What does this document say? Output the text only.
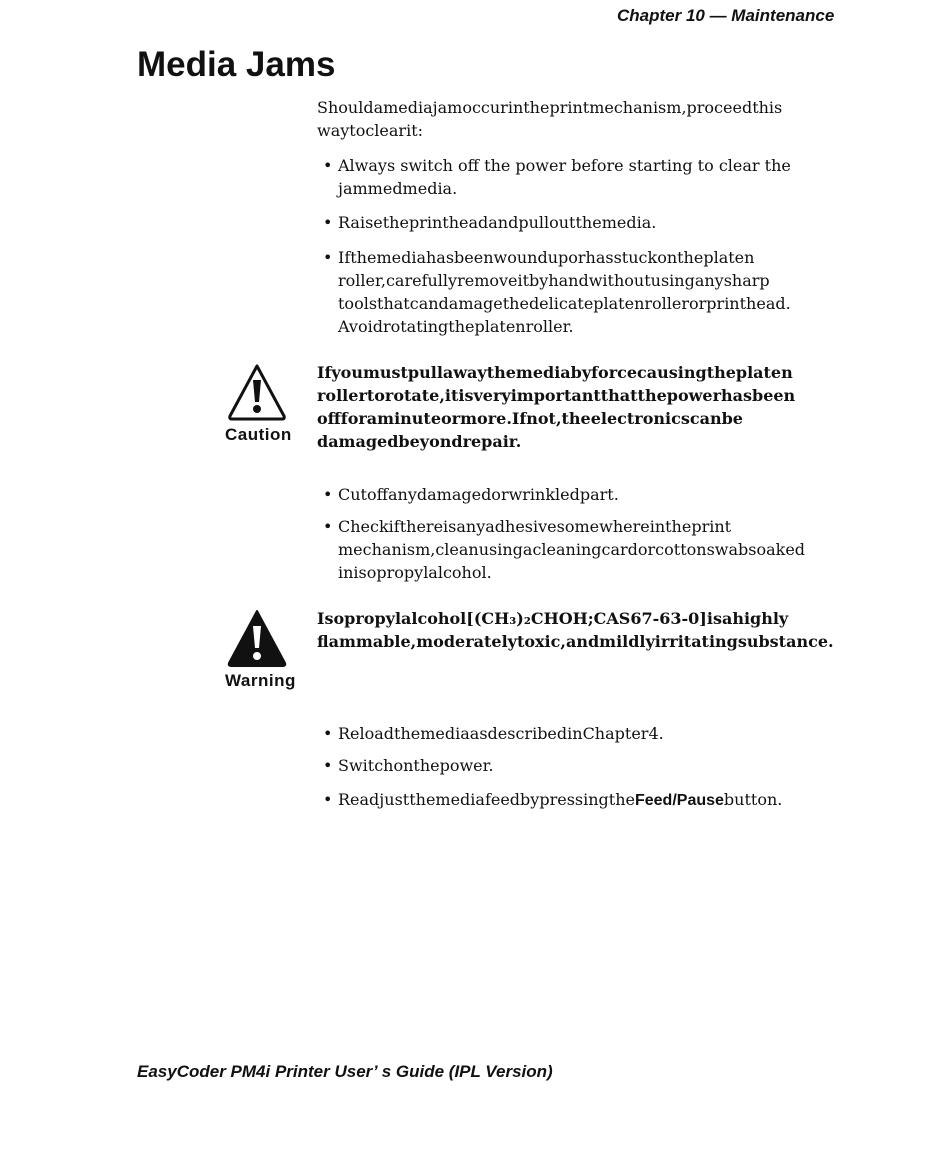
Chapter 10 — Maintenance
Media Jams
Shouldamediajamoccurintheprintmechanism,proceedthis waytoclearit:
• Always switch off the power before starting to clear the jammedmedia.
• Raisetheprintheadandpulloutthemedia.
• Ifthemediahasbeenwounduporhasstuckontheplaten roller,carefullyremoveitbyhandwithoutusinganysharp toolsthatcandamagethedelicateplatenrollerorprinthead. Avoidrotatingtheplatenroller.
Caution
Ifyoumustpullawaythemediabyforcecausingtheplaten rollertorotate,itisveryimportantthatthepowerhasbeen offforaminuteormore.Ifnot,theelectronicscanbe damagedbeyondrepair.
• Cutoffanydamagedorwrinkledpart.
• Checkifthereisanyadhesivesomewhereintheprint mechanism,cleanusingacleaningcardorcottonswabsoaked inisopropylalcohol.
Warning
Isopropylalcohol[(CH₃)₂CHOH;CAS67-63-0]isahighly flammable,moderatelytoxic,andmildlyirritatingsubstance.
• ReloadthemediaasdescribedinChapter4.
• Switchonthepower.
• ReadjustthemediafeedbypressingtheFeed/Pausebutton.
EasyCoder PM4i Printer User’ s Guide (IPL Version)
